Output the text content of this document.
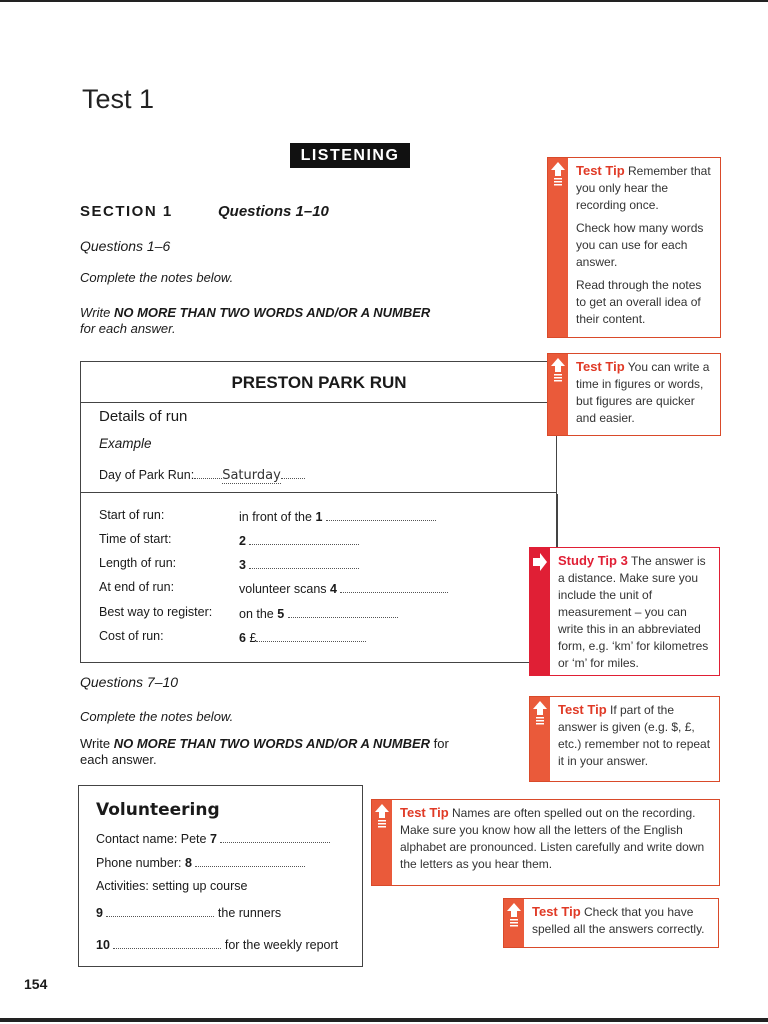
Test 1
LISTENING
SECTION 1	Questions 1–10
Questions 1–6
Complete the notes below.
Write NO MORE THAN TWO WORDS AND/OR A NUMBER
for each answer.
PRESTON PARK RUN
Details of run
Example
Day of Park Run: Saturday
Start of run:	in front of the 1
Time of start:	2
Length of run:	3
At end of run:	volunteer scans 4
Best way to register: on the 5
Cost of run:	6 £
Questions 7–10
Complete the notes below.
Write NO MORE THAN TWO WORDS AND/OR A NUMBER for
each answer.
Volunteering
Contact name: Pete 7
Phone number: 8
Activities: setting up course
9	the runners
10	for the weekly report

Test Tip Remember that you only hear the recording once.

Check how many words you can use for each answer.

Read through the notes to get an overall idea of their content.

Test Tip You can write a time in figures or words, but figures are quicker and easier.
Study Tip 3 The answer is a distance. Make sure you include the unit of measurement – you can write this in an abbreviated form, e.g. ‘km’ for kilometres or ‘m’ for miles.
Test Tip If part of the answer is given (e.g. $, £, etc.) remember not to repeat it in your answer.
Test Tip Names are often spelled out on the recording. Make sure you know how all the letters of the English alphabet are pronounced. Listen carefully and write down the letters as you hear them.
Test Tip Check that you have spelled all the answers correctly.
154
